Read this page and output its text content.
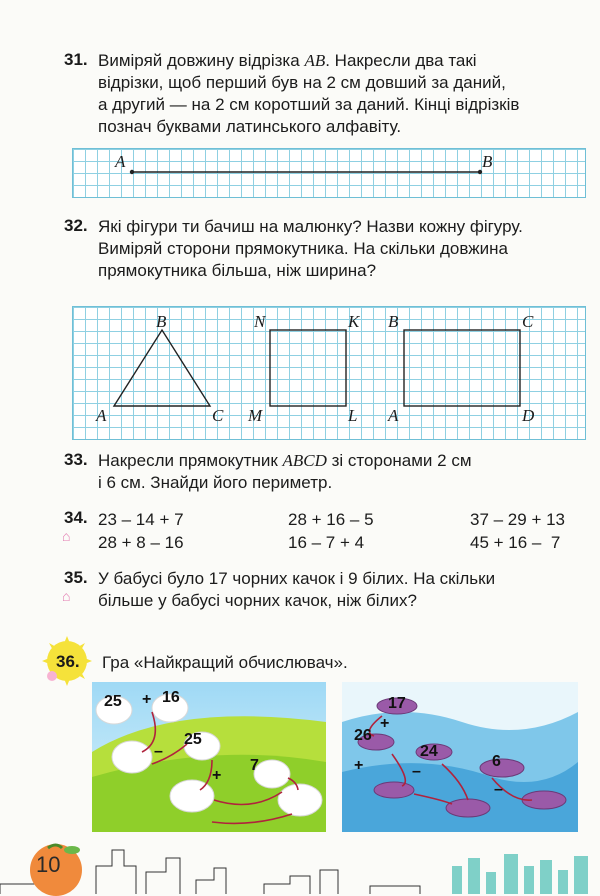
31. Виміряй довжину відрізка AB. Накресли два такі
відрізки, щоб перший був на 2 см довший за даний,
а другий — на 2 см коротший за даний. Кінці відрізків
познач буквами латинського алфавіту.
A	B
32. Які фігури ти бачиш на малюнку? Назви кожну фігуру.
Виміряй сторони прямокутника. На скільки довжина
прямокутника більша, ніж ширина?
B
A	C
N	K
M	L
B	C
A	D
33. Накресли прямокутник ABCD зі сторонами 2 см
і 6 см. Знайди його периметр.
34.
⌂
23 – 14 + 7	28 + 16 – 5	37 – 29 + 13
28 + 8 – 16	16 – 7 + 4	45 + 16 –  7
35.
⌂
У бабусі було 17 чорних качок і 9 білих. На скільки
більше у бабусі чорних качок, ніж білих?
36. Гра «Найкращий обчислювач».
25 + 16
–
25
+
7
17
+
26
–
24
+	6
–
10
